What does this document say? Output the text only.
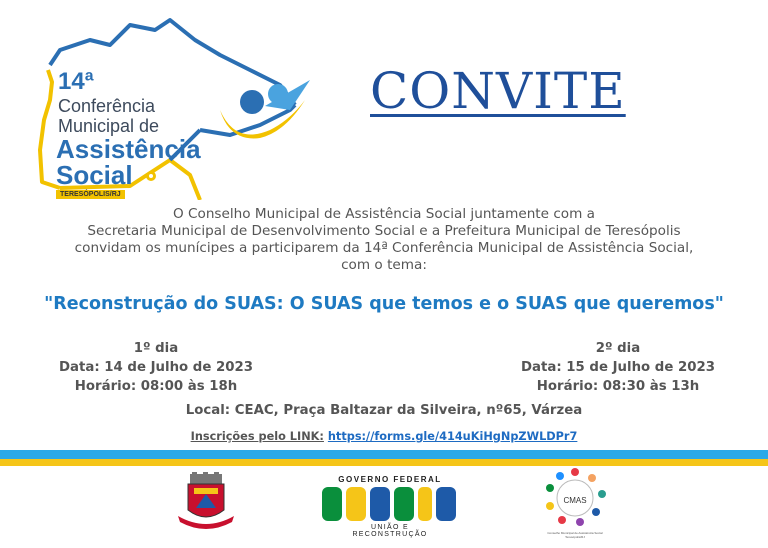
14ª
Conferência
Municipal de
Assistência
Social
TERESÓPOLIS/RJ
CONVITE
O Conselho Municipal de Assistência Social juntamente com a
Secretaria Municipal de Desenvolvimento Social e a Prefeitura Municipal de Teresópolis
convidam os munícipes a participarem da 14ª Conferência Municipal de Assistência Social,
com o tema:
"Reconstrução do SUAS: O SUAS que temos e o SUAS que queremos"
1º dia
Data: 14 de Julho de 2023
Horário: 08:00 às 18h
2º dia
Data: 15 de Julho de 2023
Horário: 08:30 às 13h
Local: CEAC, Praça Baltazar da Silveira, nº65, Várzea
Inscrições pelo LINK: https://forms.gle/414uKiHgNpZWLDPr7
GOVERNO FEDERAL
UNIÃO E RECONSTRUÇÃO
CMAS
Conselho Municipal de Assistência Social Teresópolis/RJ
